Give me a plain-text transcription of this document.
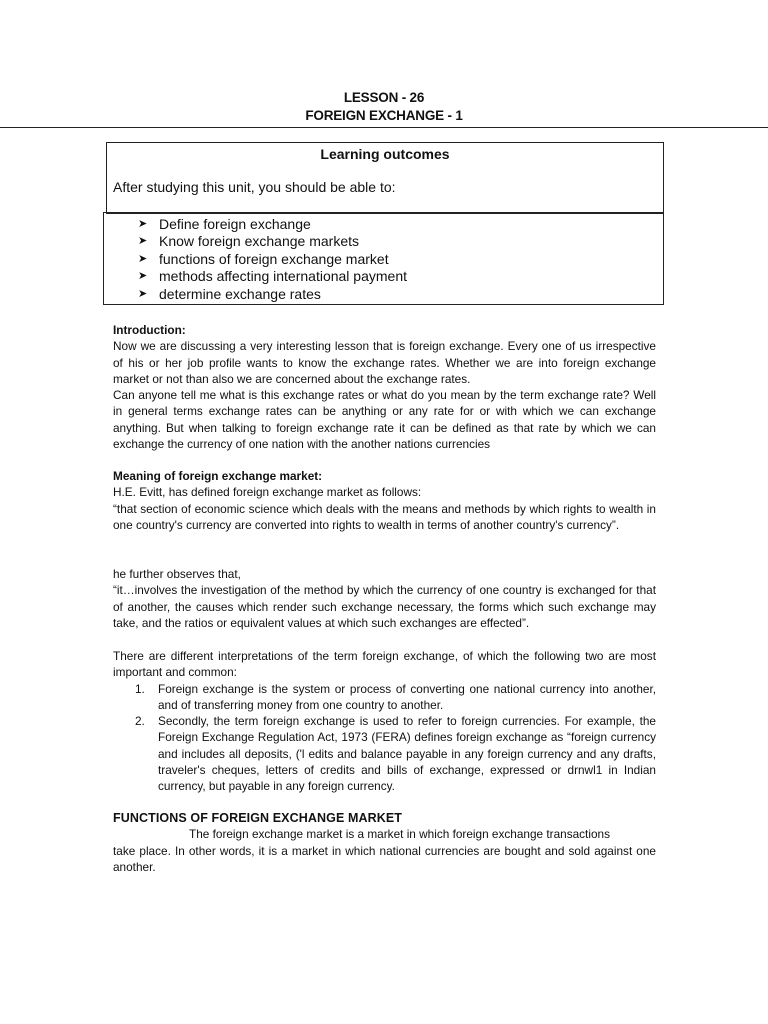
LESSON - 26
FOREIGN EXCHANGE - 1
Learning outcomes
After studying this unit, you should be able to:
➤ Define foreign exchange
➤ Know foreign exchange markets
➤ functions of foreign exchange market
➤ methods affecting international payment
➤ determine exchange rates

Introduction:

Now we are discussing a very interesting lesson that is foreign exchange. Every one of us irrespective of his or her job profile wants to know the exchange rates. Whether we are into foreign exchange market or not than also we are concerned about the exchange rates.

Can anyone tell me what is this exchange rates or what do you mean by the term exchange rate? Well in general terms exchange rates can be anything or any rate for or with which we can exchange anything. But when talking to foreign exchange rate it can be defined as that rate by which we can exchange the currency of one nation with the another nations currencies

Meaning of foreign exchange market:

H.E. Evitt, has defined foreign exchange market as follows:

“that section of economic science which deals with the means and methods by which rights to wealth in one country's currency are converted into rights to wealth in terms of another country's currency”.

he further observes that,

“it…involves the investigation of the method by which the currency of one country is exchanged for that of another, the causes which render such exchange necessary, the forms which such exchange may take, and the ratios or equivalent values at which such exchanges are effected”.

There are different interpretations of the term foreign exchange, of which the following two are most important and common:

1. Foreign exchange is the system or process of converting one national currency into another, and of transferring money from one country to another.
2. Secondly, the term foreign exchange is used to refer to foreign currencies. For example, the Foreign Exchange Regulation Act, 1973 (FERA) defines foreign exchange as “foreign currency and includes all deposits, ('l edits and balance payable in any foreign currency and any drafts, traveler's cheques, letters of credits and bills of exchange, expressed or drnwl1 in Indian currency, but payable in any foreign currency.

FUNCTIONS OF FOREIGN EXCHANGE MARKET

The foreign exchange market is a market in which foreign exchange transactions

take place. In other words, it is a market in which national currencies are bought and sold against one another.
